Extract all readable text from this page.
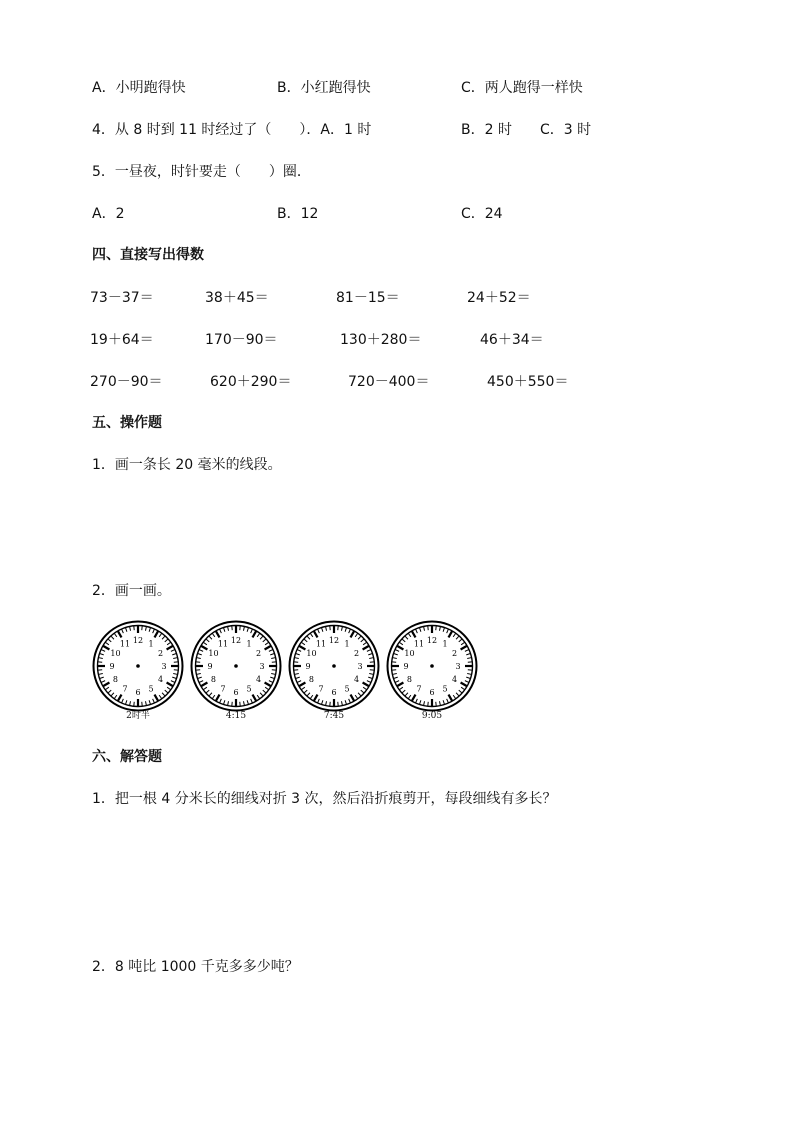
A．小明跑得快	B．小红跑得快	C．两人跑得一样快
4．从 8 时到 11 时经过了（　　）．A．1 时	B．2 时 C．3 时
5．一昼夜，时针要走（　　）圈．
A．2	B．12	C．24
四、直接写出得数
73－37＝	38＋45＝	81－15＝	24＋52＝
19＋64＝	170－90＝	130＋280＝	46＋34＝
270－90＝	620＋290＝	720－400＝	450＋550＝
五、操作题
1．画一条长 20 毫米的线段。
2．画一画。
12 1
2
3
4
5
6
7
8
9
10
11	12 1
2
3
4
5
6
7
8
9
10
11	12 1
2
3
4
5
6
7
8
9
10
11	12 1
2
3
4
5
6
7
8
9
10
11
2时半	4:15	7:45	9:05
六、解答题
1．把一根 4 分米长的细线对折 3 次，然后沿折痕剪开，每段细线有多长？
2．8 吨比 1000 千克多多少吨？
